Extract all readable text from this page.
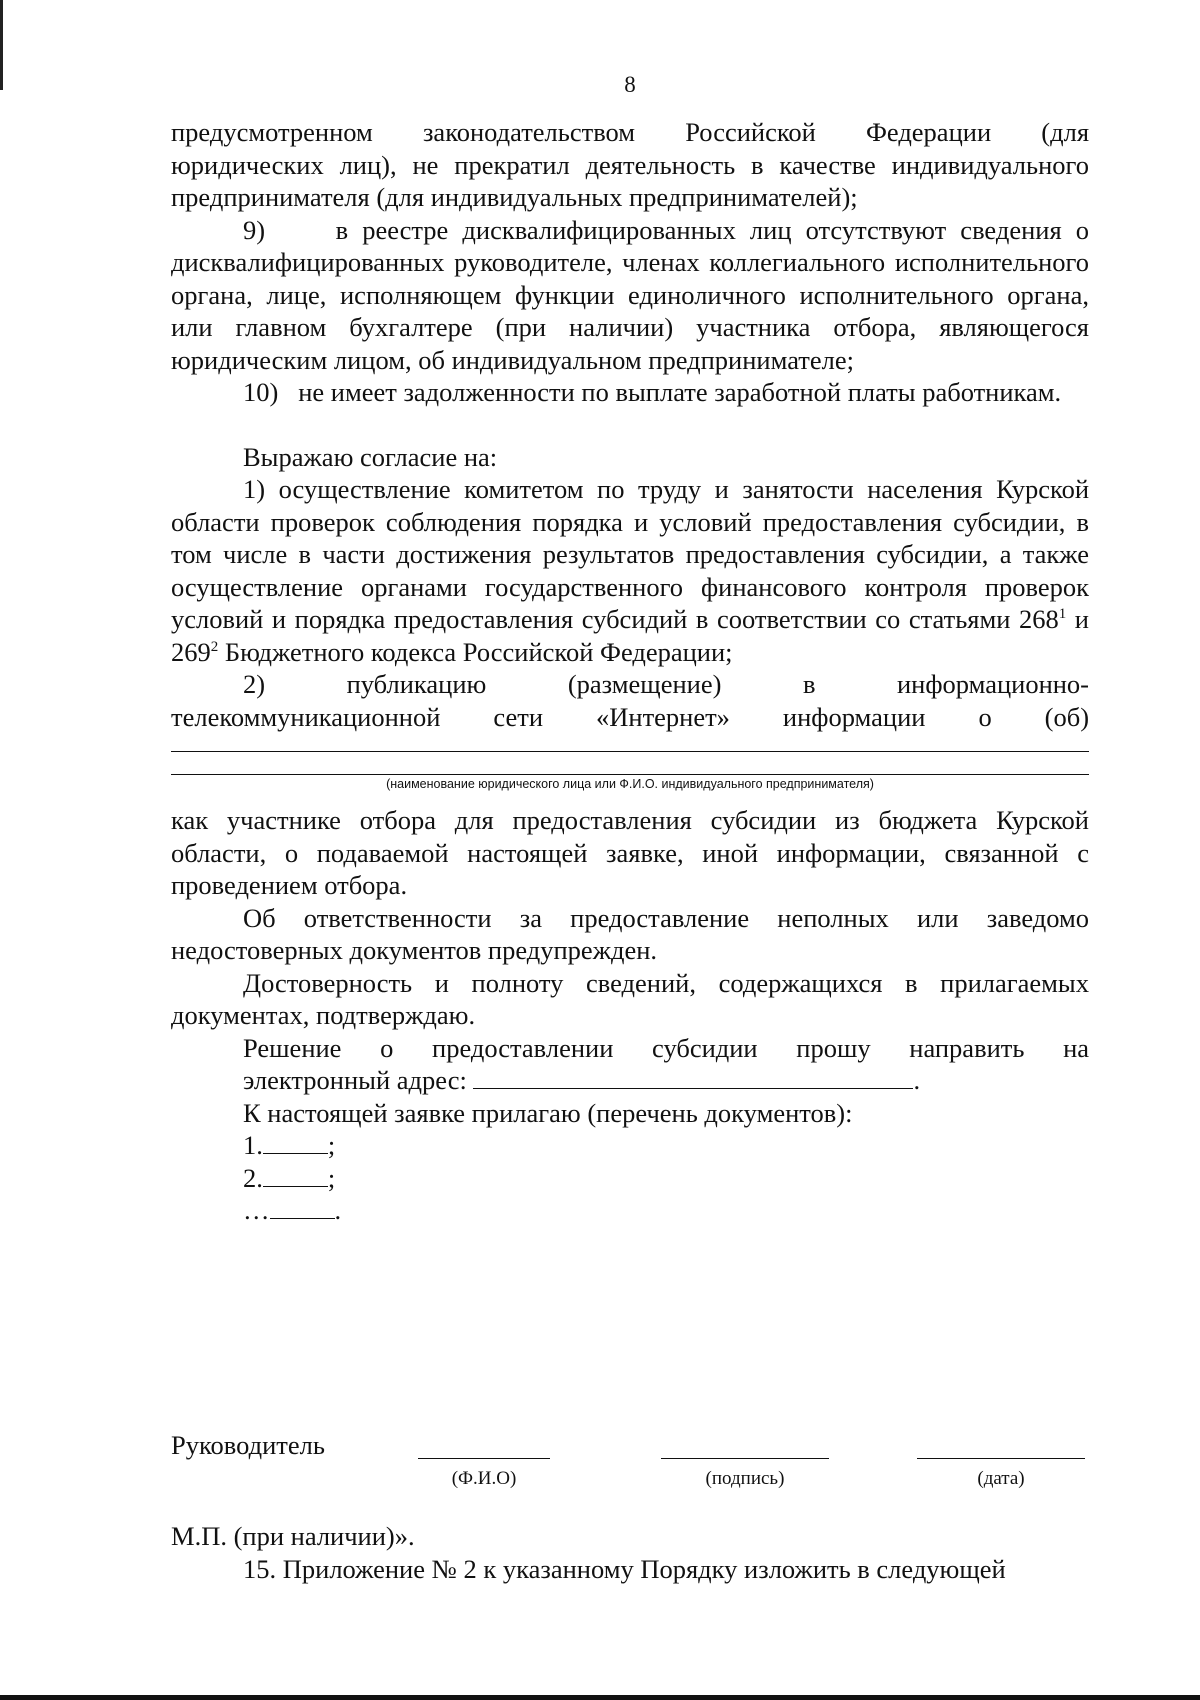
8

предусмотренном законодательством Российской Федерации (для

юридических лиц), не прекратил деятельность в качестве индивидуального предпринимателя (для индивидуальных предпринимателей);

9)	в реестре дисквалифицированных лиц отсутствуют сведения о дисквалифицированных руководителе, членах коллегиального исполнительного органа, лице, исполняющем функции единоличного исполнительного органа, или главном бухгалтере (при наличии) участника отбора, являющегося юридическим лицом, об индивидуальном предпринимателе;

10) не имеет задолженности по выплате заработной платы работникам.

Выражаю согласие на:

1) осуществление комитетом по труду и занятости населения Курской области проверок соблюдения порядка и условий предоставления субсидии, в том числе в части достижения результатов предоставления субсидии, а также осуществление органами государственного финансового контроля проверок условий и порядка предоставления субсидий в соответствии со статьями $268^1$ и $269^2$ Бюджетного кодекса Российской Федерации;

2)	публикацию	(размещение)	в	информационно-

телекоммуникационной сети «Интернет» информации о (об)

(наименование юридического лица или Ф.И.О. индивидуального предпринимателя)

как участнике отбора для предоставления субсидии из бюджета Курской области, о подаваемой настоящей заявке, иной информации, связанной с проведением отбора.

Об ответственности за предоставление неполных или заведомо недостоверных документов предупрежден.

Достоверность и полноту сведений, содержащихся в прилагаемых документах, подтверждаю.

Решение о предоставлении субсидии прошу направить на

электронный адрес:	.

К настоящей заявке прилагаю (перечень документов):

1. ;

2. ;

… .

Руководитель
(Ф.И.О)	(подпись)	(дата)

М.П. (при наличии)».

15. Приложение № 2 к указанному Порядку изложить в следующей
